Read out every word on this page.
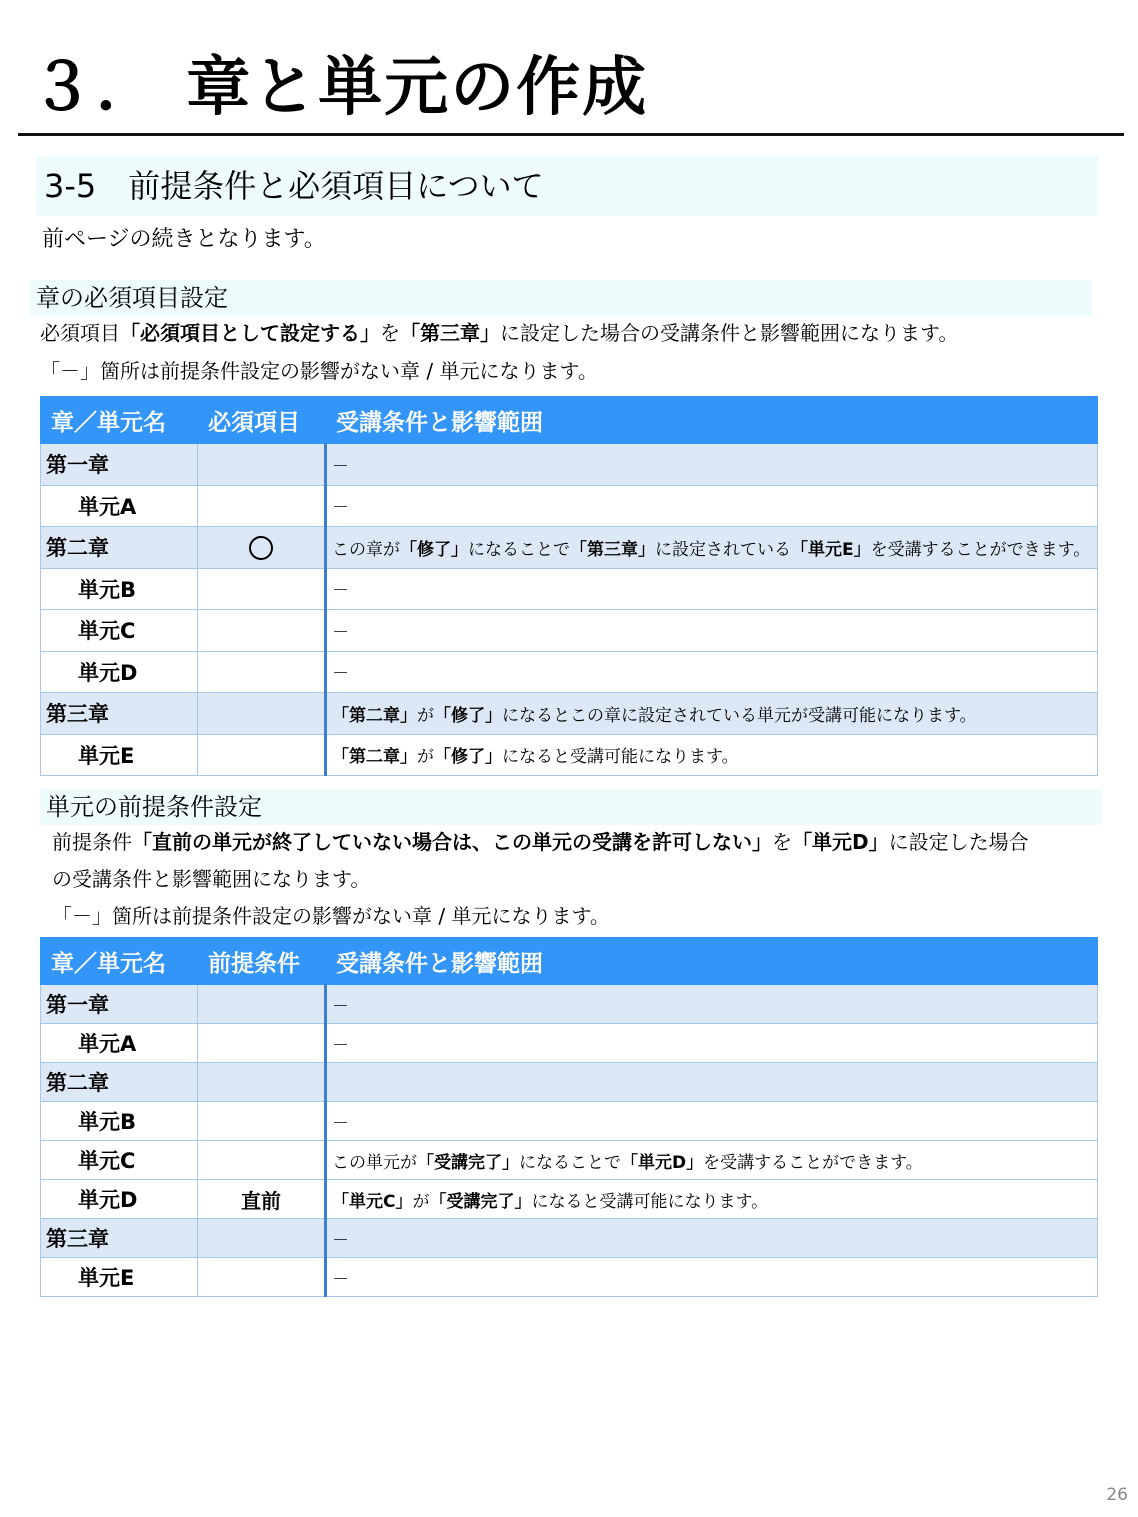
３． 章と単元の作成
3-5　前提条件と必須項目について
前ページの続きとなります。
章の必須項目設定
必須項目「必須項目として設定する」を「第三章」に設定した場合の受講条件と影響範囲になります。
「－」箇所は前提条件設定の影響がない章 / 単元になります。
章／単元名	必須項目	受講条件と影響範囲
第一章		－
単元A		－
第二章		この章が「修了」になることで「第三章」に設定されている「単元E」を受講することができます。
単元B		－
単元C		－
単元D		－
第三章		「第二章」が「修了」になるとこの章に設定されている単元が受講可能になります。
単元E		「第二章」が「修了」になると受講可能になります。
単元の前提条件設定
前提条件「直前の単元が終了していない場合は、この単元の受講を許可しない」を「単元D」に設定した場合
の受講条件と影響範囲になります。
「－」箇所は前提条件設定の影響がない章 / 単元になります。
章／単元名	前提条件	受講条件と影響範囲
第一章		－
単元A		－
第二章		
単元B		－
単元C		この単元が「受講完了」になることで「単元D」を受講することができます。
単元D	直前	「単元C」が「受講完了」になると受講可能になります。
第三章		－
単元E		－
26
